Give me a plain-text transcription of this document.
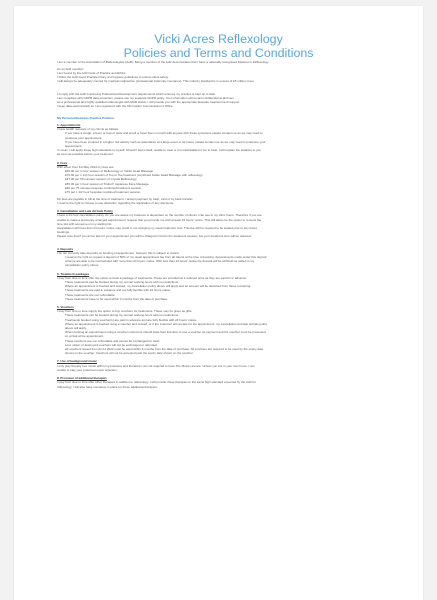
Vicki Acres Reflexology
Policies and Terms and Conditions

I am a member of the Association of Reflexologists (AoR). Being a member of the AoR demonstrates that I have a nationally recognised Diploma in Reflexology.

As an AoR member:

I am bound by the AoR Code of Practice and Ethics.

I follow the AoR Good Practice Policy and hygiene guidelines to ensure client safety.

I will always be adequately insured for medical malpractice (professional indemnity insurance). This industry standard is in excess of £5 million cover.

I comply with the AoR Continuing Professional Development requirements which ensures my practice is kept up to date.

I am compliant with GDPR data protection, please see my separate GDPR policy. Your information will remain confidential at all times.

As a professional and highly qualified reflexologist with MAR status, I will provide you with the appropriate bespoke treatment and support.

I keep data electronically so I am registered with the Information Commissioner's Office.

My Personal Business Practice Policies:

1. Appointments

I have health requests of my clients as follows:

If you have a cough, a fever or loss of taste and smell or have been in touch with anyone with these symptoms please contact me as we may need to

postpone your appointment.

If you have been involved in a higher risk activity such as attendance at a large event or air travel, please contact me as we may need to postpone your

appointment.

In return I will apply these high standards to myself. Should I feel unwell, unable to treat or it is inadvisable for me to treat, I will explain the situation to you

as soon as possible before your treatment.

2. Fees

With effect from 1st May 2024 my fees are:

£50.00 per 1 hour session of Reflexology or Indian Head Massage.

£75.00 per 1 1/2 hour session of Top to Toe treatment (combined Indian Head Massage with reflexology.

£37.00 per 50 minutes' session of Crystal Reflexology.

£55.00 per 1 hour session of Tsubo® Japanese Face Massage.

£60 per 75 minutes bespoke combined treatment session.

£75 per 1 1/2 hour bespoke combined treatment session.

My fees are payable in full at the time of treatment. I accept payment by cash, card or by bank transfer.

I reserve the right to choose to use discretion regarding the application of any discounts.

3. Cancellation and Late Arrivals Policy

I have a 24 hour cancellation policy. As you are aware my business is dependent on the number of clients I can see in my clinic hours. Therefore if you are

unable to make a previously arranged appointment I request that you provide me with at least 24 hours' notice. This will allow me the option to re-book the

time slot with someone on my waiting list.

Cancellation with less than 24 hours' notice may result in me charging my usual treatment cost. This fee will be required to be settled prior to any future

bookings.

Please note that if you arrive late for your appointment you will be charged in full for the treatment session, but your treatment time will be reduced.

4. Deposits

I do not currently take deposits on booking of appointment, however this is subject to review.

I reserve the right to request a deposit of 50% of my usual appointment fee from all clients at the time of booking. Appointments made under this deposit

scheme are able to be rescheduled with more than 24 hours' notice. With less than 24 hours' notice the deposit will be withheld as stated in my

cancellation policy above.

5. Treatment packages

I may from time to time offer the option to book a package of treatments. These are provided at a reduced price as they are paid for in advance.

These treatments can be booked during my normal working hours with no restrictions.

Where an appointment is booked and missed, my cancellation policy above will apply and an amount will be deducted from these remaining.

These treatments are paid in advance and are fully flexible with 24 hours notice.

These treatments are non refundable.

These treatments have to be used within 3 months from the date of purchase.

6. Vouchers

I may from time to time supply the option to buy vouchers for treatments. These may be given as gifts.

These treatments can be booked during my normal working hours with no restrictions.

Treatments booked using voucher(s) are paid in advance and are fully flexible with 24 hours' notice.

Where an appointment is booked using a voucher and missed, or if the customer arrives late for the appointment, my cancellation and late arrivals policy

above will apply.

When booking an appointment using a voucher customers should state their intention to use a voucher as payment and the voucher must be presented

on arrival at the appointment.

These vouchers are non refundable and cannot be exchanged for cash.

Lost, stolen or destroyed vouchers will not be exchanged or refunded.

All vouchers issued from 01.01.2022 must be used within 6 months from the date of purchase. All vouchers are required to be used by the expiry date

shown on the voucher. Vouchers will not be accepted past the expiry date shown on the voucher.

7. Use of background music

I only play Royalty free music within my business and therefore I am not required to have The Music Licence. Unless you are in your own home, I am

unable to play your preferred music selection.

8. Provision of additional therapies

I may from time to time offer other therapies in addition to reflexology. I will provide these therapies to the same high standard expected by the AoR for

reflexology. I will also have insurance in place for these additional therapies.
